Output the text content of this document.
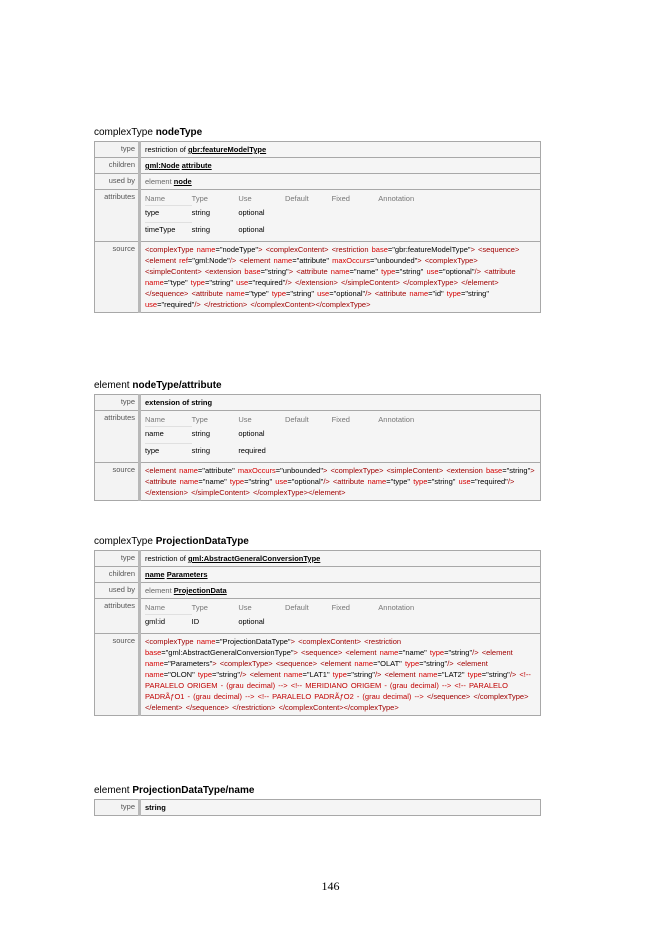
complexType nodeType
type	restriction of gbr:featureModelType
children	gml:Node attribute
used by	element node
attributes	Name	Type	Use	Default	Fixed	Annotation
type	string	optional			
timeType	string	optional			

source	<complexType name="nodeType"> <complexContent> <restriction base="gbr:featureModelType"> <sequence> <element ref="gml:Node"/> <element name="attribute" maxOccurs="unbounded"> <complexType> <simpleContent> <extension base="string"> <attribute name="name" type="string" use="optional"/> <attribute name="type" type="string" use="required"/> </extension> </simpleContent> </complexType> </element> </sequence> <attribute name="type" type="string" use="optional"/> <attribute name="id" type="string" use="required"/> </restriction> </complexContent></complexType>
element nodeType/attribute
type	extension of string
attributes	Name	Type	Use	Default	Fixed	Annotation
name	string	optional			
type	string	required			

source	<element name="attribute" maxOccurs="unbounded"> <complexType> <simpleContent> <extension base="string"> <attribute name="name" type="string" use="optional"/> <attribute name="type" type="string" use="required"/> </extension> </simpleContent> </complexType></element>
complexType ProjectionDataType
type	restriction of gml:AbstractGeneralConversionType
children	name Parameters
used by	element ProjectionData
attributes	Name	Type	Use	Default	Fixed	Annotation
gml:id	ID	optional			

source	<complexType name="ProjectionDataType"> <complexContent> <restriction base="gml:AbstractGeneralConversionType"> <sequence> <element name="name" type="string"/> <element name="Parameters"> <complexType> <sequence> <element name="OLAT" type="string"/> <element name="OLON" type="string"/> <element name="LAT1" type="string"/> <element name="LAT2" type="string"/> <!-- PARALELO ORIGEM - (grau decimal) --> <!-- MERIDIANO ORIGEM - (grau decimal) --> <!-- PARALELO PADRÃƒO1 - (grau decimal) --> <!-- PARALELO PADRÃƒO2 - (grau decimal) --> </sequence> </complexType> </element> </sequence> </restriction> </complexContent></complexType>
element ProjectionDataType/name
type	string
146
